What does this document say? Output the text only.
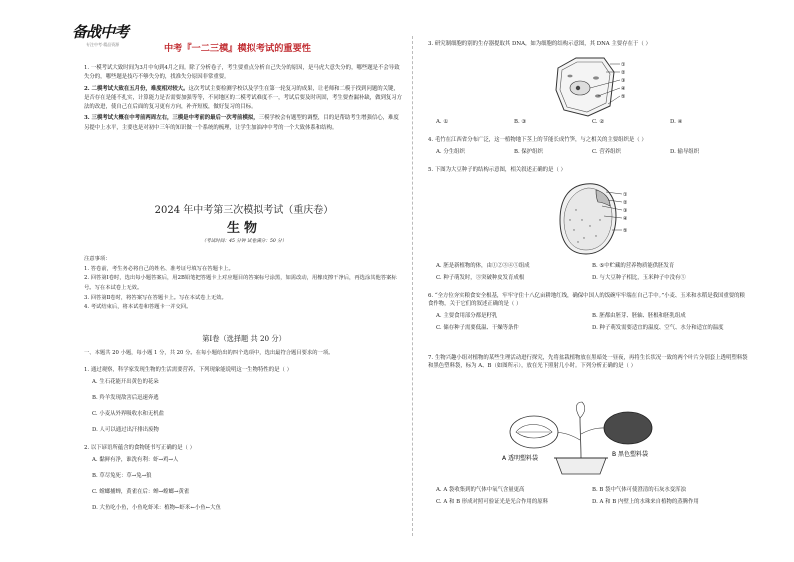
备战中考
专注中考·精品资源	中考『一二三模』模拟考试的重要性

1. 一模考试大致时间为3月中旬到4月之间。除了分析卷子，考生要重点分析自己失分的原因，是马虎大意失分的，哪些题是不会导致失分的，哪些题是技巧不够失分的，找准失分原因非常重要。

2. 二模考试大致在五月份，难度相对较大。这次考试主要检测学校以及学生在第一轮复习的成果，让老师和二模于找到问题的关键，是否存在是能不扎实，计算能力是否需要加强等等，不同地区的二模考试难度不一，考试后要及时巩固，考生要查漏补缺，做到复习方法的改进，使自己在后面的复习更有方向，补齐短板，做好复习的目标。

3. 三模考试大概在中考前两周左右，三模是中考前的最后一次考前模拟，三模学校会有题型的调整，目的是帮助考生增强信心，难度另提中上水平，主要也是对初中三年的知识做一个系统的梳理，让学生加油冲中考的一个大致体系和结构。

2024 年中考第三次模拟考试（重庆卷）
生物
（考试时间：45 分钟 试卷满分：50 分）
注意事项：
1. 答卷前，考生务必将自己的姓名、准考证号填写在答题卡上。
2. 回答第Ⅰ卷时，选出每小题答案后，用2B铅笔把答题卡上对应题目的答案标号涂黑，如需改动，用橡皮擦干净后，再选涂其他答案标号。写在本试卷上无效。
3. 回答第Ⅱ卷时，将答案写在答题卡上。写在本试卷上无效。
4. 考试结束后，将本试卷和答题卡一并交回。
第Ⅰ卷（选择题 共 20 分）
一、本题共 20 小题，每小题 1 分，共 20 分。在每小题给出的四个选项中，选出最符合题目要求的一项。
1. 通过观察，科学家发现生物的生活需要营养，下列现象能说明这一生物特性的是（ ）
A. 生石花能开出黄色的花朵
B. 羚羊发现敌害后迅速奔逃
C. 小麦从外界吸收水和无机盐
D. 人可以通过出汗排出废物
2. 以下谚语所蕴含的食物链书写正确的是（ ）
A. 黏鲜有净，谁洗有利：虾→鸡→人
B. 草尽兔死：草→兔→狼
C. 螳螂捕蝉，黄雀在后：蝉→螳螂→黄雀
D. 大鱼吃小鱼，小鱼吃虾米：植物←虾米←小鱼←大鱼
3. 研究制细胞的别的生存器提取其 DNA，如为细胞的结构示意图，其 DNA 主要存在于（ ）
①
②
③
④
⑤
A. ①	B. ③	C. ②	D. ④
4. 毛竹在江西省分布广泛，这一植物地下茎上的节能长成竹笋，与之相关的主要组织是（ ）
A. 分生组织	B. 保护组织	C. 营养组织	D. 输导组织
5. 下图为大豆种子的结构示意图，相关叙述正确的是（ ）
①
②
③
④
⑤
A. 胚是新植物的体，由①②③④⑤组成	B. ⑤中贮藏的营养物质能供胚发育
C. 种子萌发时，③突破种皮发育成根	D. 与大豆种子相比，玉米种子中没有⑤
6. “全方位夯实粮食安全根基，牢牢守住十八亿亩耕地红线，确保中国人的饭碗牢牢端在自己手中。”小麦、玉米和水稻是我国重要的粮食作物，关于它们的叙述正确的是（ ）
A. 主要食用部分都是籽乳	B. 胚都由胚芽、胚轴、胚根和胚乳组成
C. 储存种子需要低温、干燥等条件	D. 种子萌发需要适宜的温度、空气、水分和适宜的温度
7. 生物兴趣小组对植物的某些生理活动进行探究，先将盆栽植物放在黑暗处一昼夜，再将生长状况一致的两个叶片分别套上透明塑料袋和黑色塑料袋，标为 A、B（如图所示），放在光下照射几小时。下列分析正确的是（ ）
A 透明塑料袋
B 黑色塑料袋
A. A 袋收集到的气体中氧气含量更高	B. B 袋中气体可使澄清的石灰水变浑浊
C. A 和 B 形成对照可验证光是光合作用的原料	D. A 和 B 内壁上的水珠来自植物的蒸腾作用
